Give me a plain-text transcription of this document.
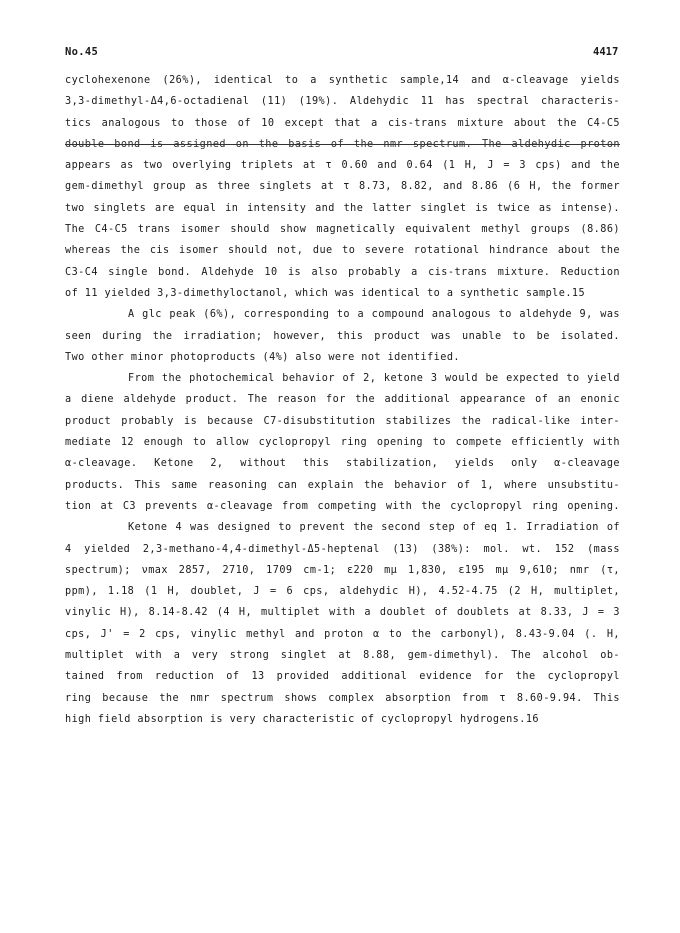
No.45	4417
cyclohexenone (26%), identical to a synthetic sample,14 and α-cleavage yields
3,3-dimethyl-Δ4,6-octadienal (11) (19%). Aldehydic 11 has spectral characteris-
tics analogous to those of 10 except that a cis-trans mixture about the C4-C5
double bond is assigned on the basis of the nmr spectrum. The aldehydic proton
appears as two overlying triplets at τ 0.60 and 0.64 (1 H, J = 3 cps) and the
gem-dimethyl group as three singlets at τ 8.73, 8.82, and 8.86 (6 H, the former
two singlets are equal in intensity and the latter singlet is twice as intense).
The C4-C5 trans isomer should show magnetically equivalent methyl groups (8.86)
whereas the cis isomer should not, due to severe rotational hindrance about the
C3-C4 single bond. Aldehyde 10 is also probably a cis-trans mixture. Reduction
of 11 yielded 3,3-dimethyloctanol, which was identical to a synthetic sample.15
A glc peak (6%), corresponding to a compound analogous to aldehyde 9, was
seen during the irradiation; however, this product was unable to be isolated.
Two other minor photoproducts (4%) also were not identified.
From the photochemical behavior of 2, ketone 3 would be expected to yield
a diene aldehyde product. The reason for the additional appearance of an enonic
product probably is because C7-disubstitution stabilizes the radical-like inter-
mediate 12 enough to allow cyclopropyl ring opening to compete efficiently with
α-cleavage. Ketone 2, without this stabilization, yields only α-cleavage
products. This same reasoning can explain the behavior of 1, where unsubstitu-
tion at C3 prevents α-cleavage from competing with the cyclopropyl ring opening.
Ketone 4 was designed to prevent the second step of eq 1. Irradiation of
4 yielded 2,3-methano-4,4-dimethyl-Δ5-heptenal (13) (38%): mol. wt. 152 (mass
spectrum); νmax 2857, 2710, 1709 cm-1; ε220 mμ 1,830, ε195 mμ 9,610; nmr (τ,
ppm), 1.18 (1 H, doublet, J = 6 cps, aldehydic H), 4.52-4.75 (2 H, multiplet,
vinylic H), 8.14-8.42 (4 H, multiplet with a doublet of doublets at 8.33, J = 3
cps, J' = 2 cps, vinylic methyl and proton α to the carbonyl), 8.43-9.04 (. H,
multiplet with a very strong singlet at 8.88, gem-dimethyl). The alcohol ob-
tained from reduction of 13 provided additional evidence for the cyclopropyl
ring because the nmr spectrum shows complex absorption from τ 8.60-9.94. This
high field absorption is very characteristic of cyclopropyl hydrogens.16
